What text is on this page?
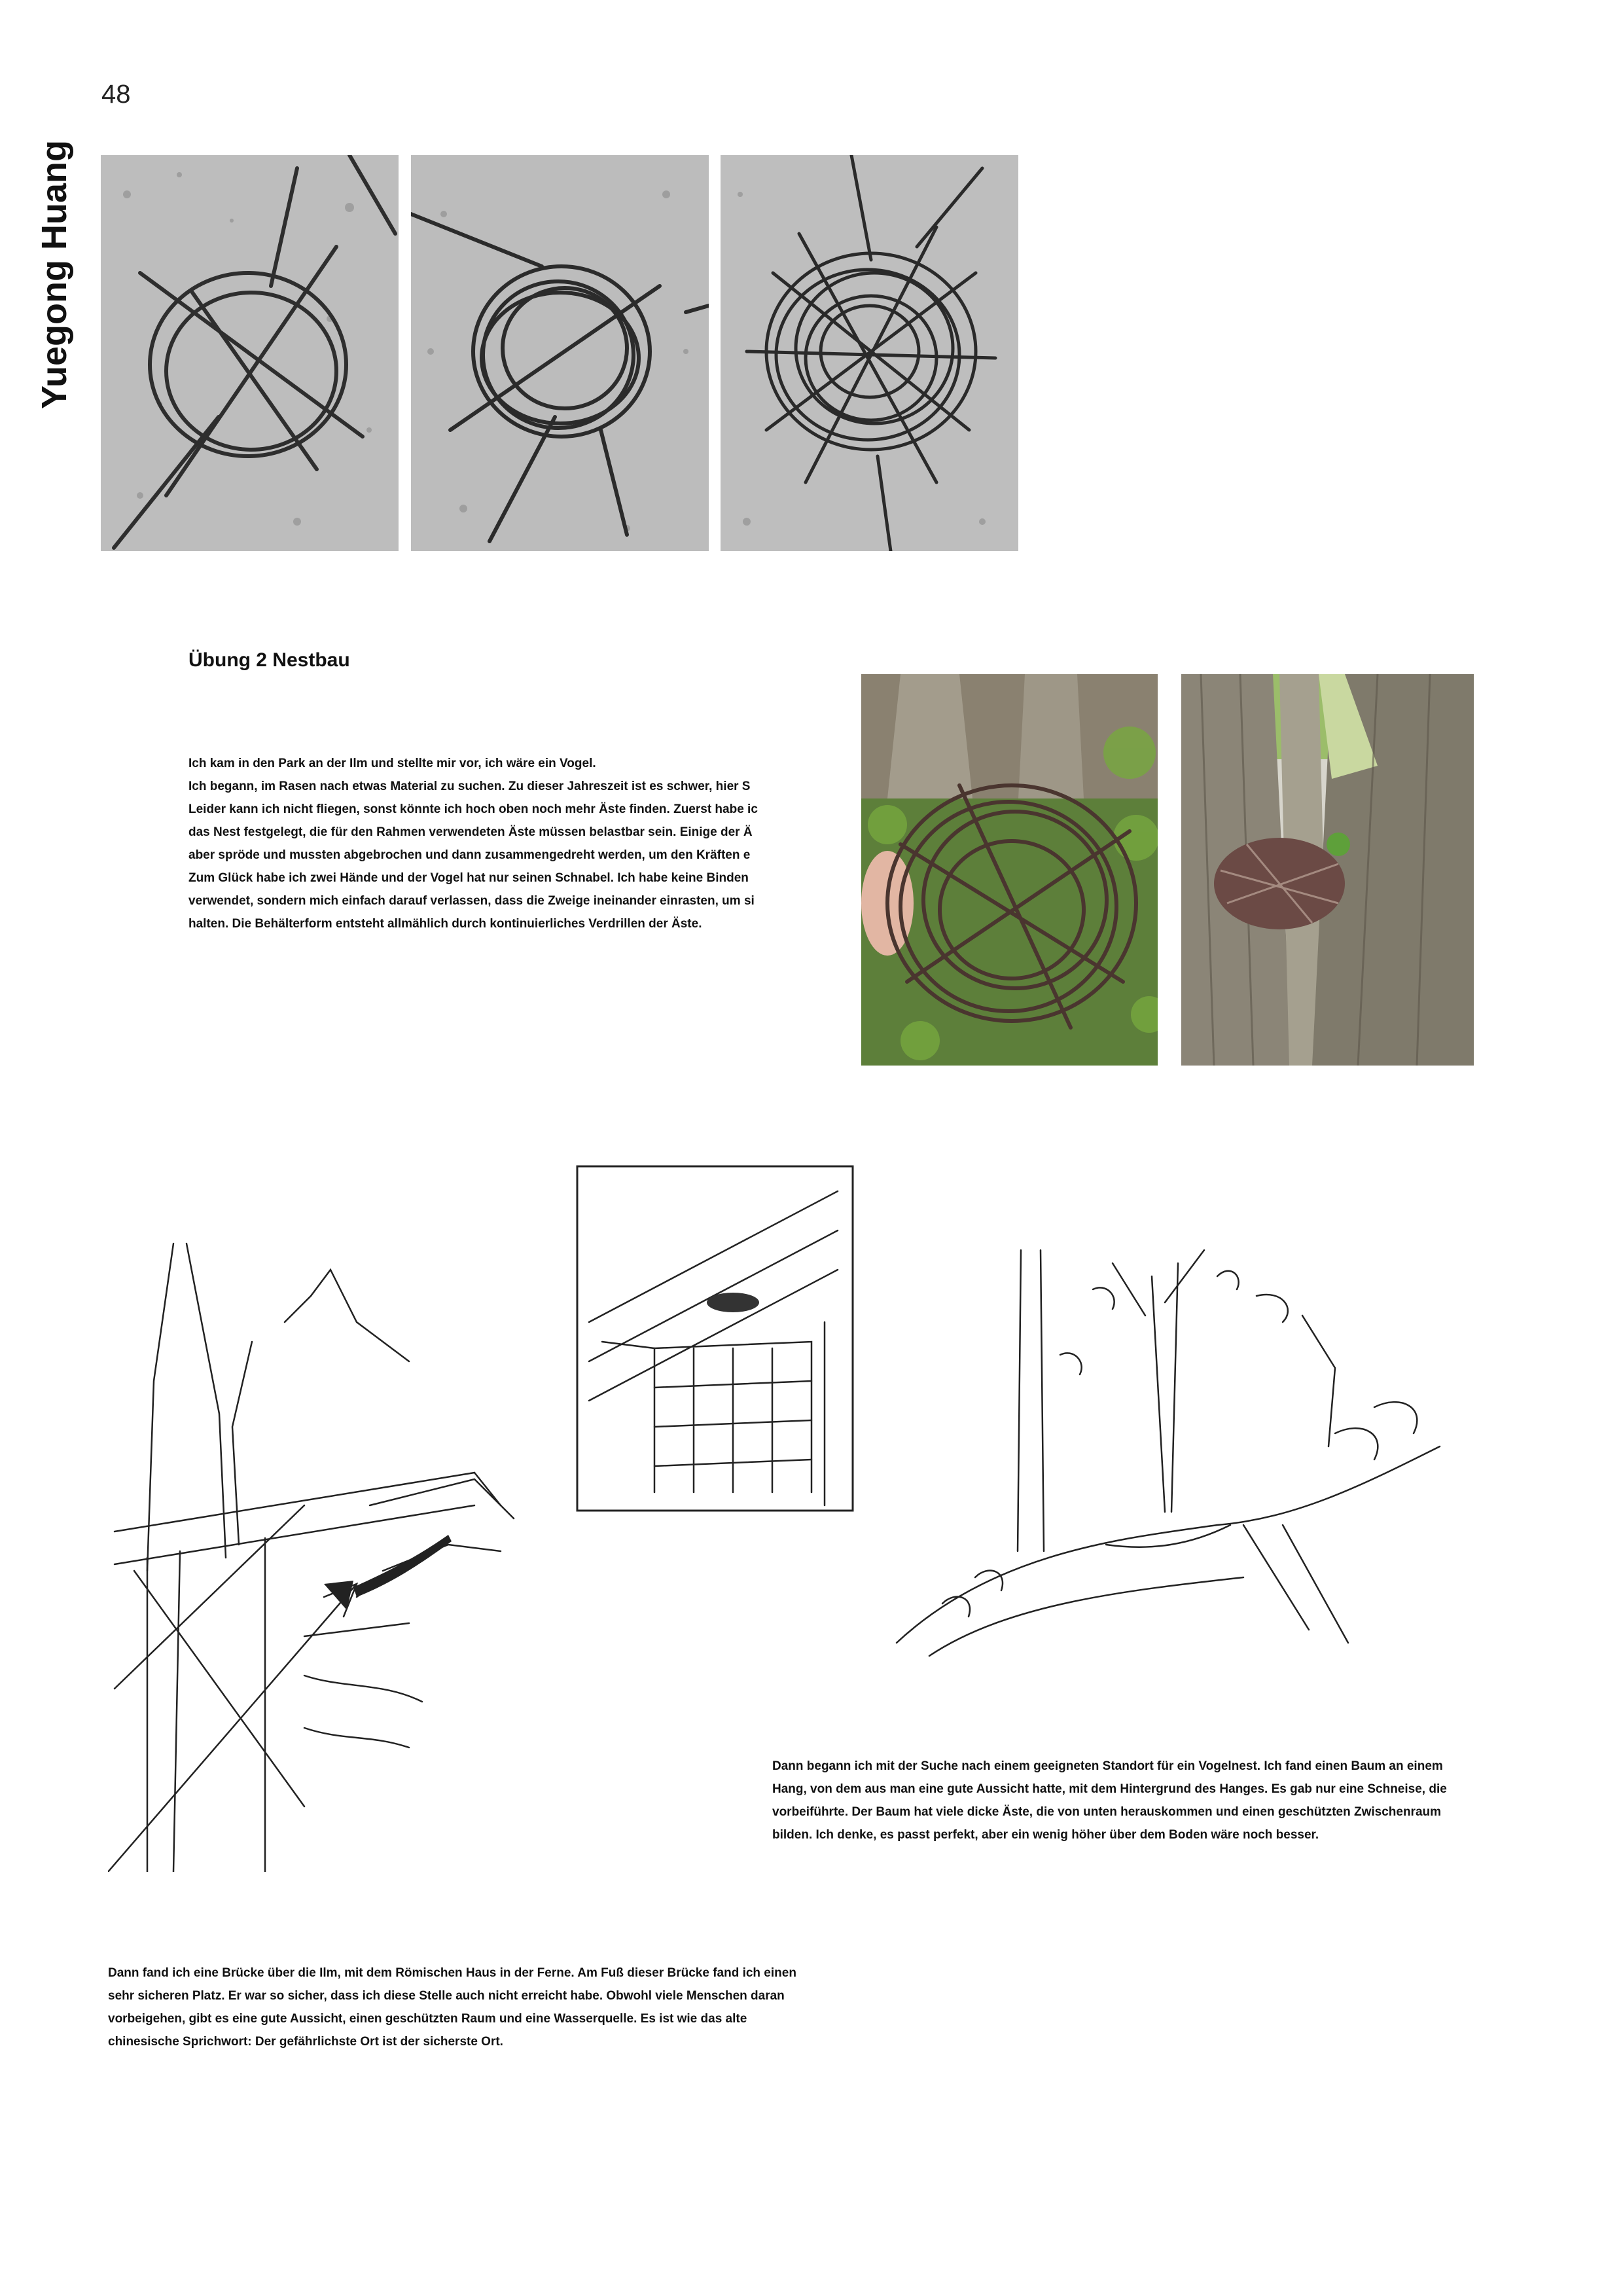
48
Yuegong Huang
Übung 2 Nestbau
Ich kam in den Park an der Ilm und stellte mir vor, ich wäre ein Vogel.
Ich begann, im Rasen nach etwas Material zu suchen. Zu dieser Jahreszeit ist es schwer, hier S
Leider kann ich nicht fliegen, sonst könnte ich hoch oben noch mehr Äste finden. Zuerst habe ic
das Nest festgelegt, die für den Rahmen verwendeten Äste müssen belastbar sein. Einige der Ä
aber spröde und mussten abgebrochen und dann zusammengedreht werden, um den Kräften e
Zum Glück habe ich zwei Hände und der Vogel hat nur seinen Schnabel. Ich habe keine Binden
verwendet, sondern mich einfach darauf verlassen, dass die Zweige ineinander einrasten, um si
halten. Die Behälterform entsteht allmählich durch kontinuierliches Verdrillen der Äste.
Dann begann ich mit der Suche nach einem geeigneten Standort für ein Vogelnest. Ich fand einen Baum an einem
Hang, von dem aus man eine gute Aussicht hatte, mit dem Hintergrund des Hanges. Es gab nur eine Schneise, die
vorbeiführte. Der Baum hat viele dicke Äste, die von unten herauskommen und einen geschützten Zwischenraum
bilden. Ich denke, es passt perfekt, aber ein wenig höher über dem Boden wäre noch besser.
Dann fand ich eine Brücke über die Ilm, mit dem Römischen Haus in der Ferne. Am Fuß dieser Brücke fand ich einen
sehr sicheren Platz. Er war so sicher, dass ich diese Stelle auch nicht erreicht habe. Obwohl viele Menschen daran
vorbeigehen, gibt es eine gute Aussicht, einen geschützten Raum und eine Wasserquelle. Es ist wie das alte
chinesische Sprichwort: Der gefährlichste Ort ist der sicherste Ort.
